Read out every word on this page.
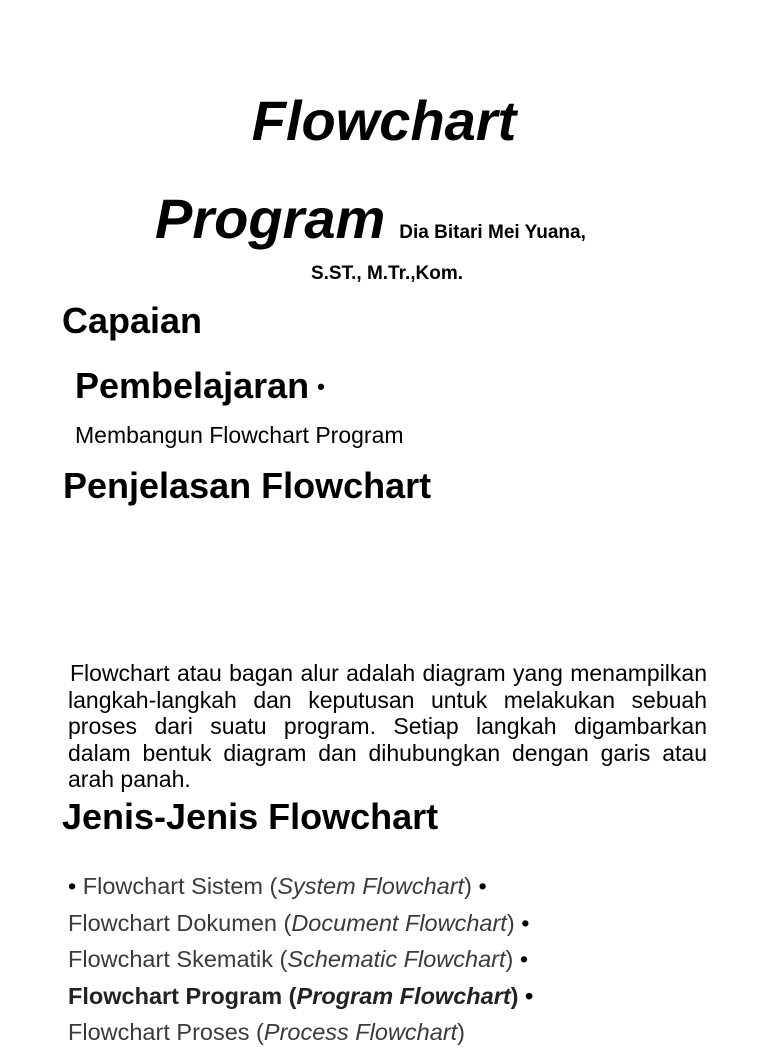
Flowchart
Program Dia Bitari Mei Yuana,
S.ST., M.Tr.,Kom.
Capaian
Pembelajaran •
Membangun Flowchart Program
Penjelasan Flowchart
Flowchart atau bagan alur adalah diagram yang menampilkan langkah-langkah dan keputusan untuk melakukan sebuah proses dari suatu program. Setiap langkah digambarkan dalam bentuk diagram dan dihubungkan dengan garis atau arah panah.
Jenis-Jenis Flowchart
• Flowchart Sistem (System Flowchart) •
Flowchart Dokumen (Document Flowchart) •
Flowchart Skematik (Schematic Flowchart) •
Flowchart Program (Program Flowchart) •
Flowchart Proses (Process Flowchart)
